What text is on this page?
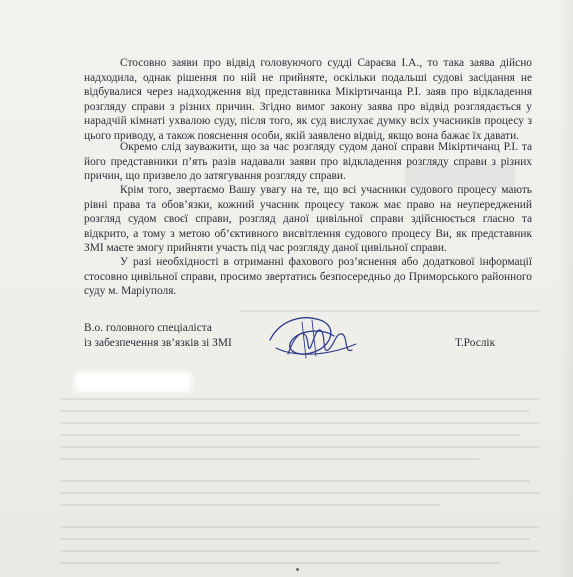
Стосовно заяви про відвід головуючого судді Сараєва І.А., то така заява дійсно надходила, однак рішення по ній не прийняте, оскільки подальші судові засідання не відбувалися через надходження від представника Мікіртичанца Р.І. заяв про відкладення розгляду справи з різних причин. Згідно вимог закону заява про відвід розглядається у нарадчій кімнаті ухвалою суду, після того, як суд вислухає думку всіх учасників процесу з цього приводу, а також пояснення особи, якій заявлено відвід, якщо вона бажає їх давати.
Окремо слід зауважити, що за час розгляду судом даної справи Мікіртичанц Р.І. та його представники п’ять разів надавали заяви про відкладення розгляду справи з різних причин, що призвело до затягування розгляду справи.
Крім того, звертаємо Вашу увагу на те, що всі учасники судового процесу мають рівні права та обов’язки, кожний учасник процесу також має право на неупереджений розгляд судом своєї справи, розгляд даної цивільної справи здійснюється гласно та відкрито, а тому з метою об’єктивного висвітлення судового процесу Ви, як представник ЗМІ маєте змогу прийняти участь під час розгляду даної цивільної справи.
У разі необхідності в отриманні фахового роз’яснення або додаткової інформації стосовно цивільної справи, просимо звертатись безпосередньо до Приморського районного суду м. Маріуполя.
В.о. головного спеціаліста
із забезпечення зв’язків зі ЗМІ	Т.Рослік
